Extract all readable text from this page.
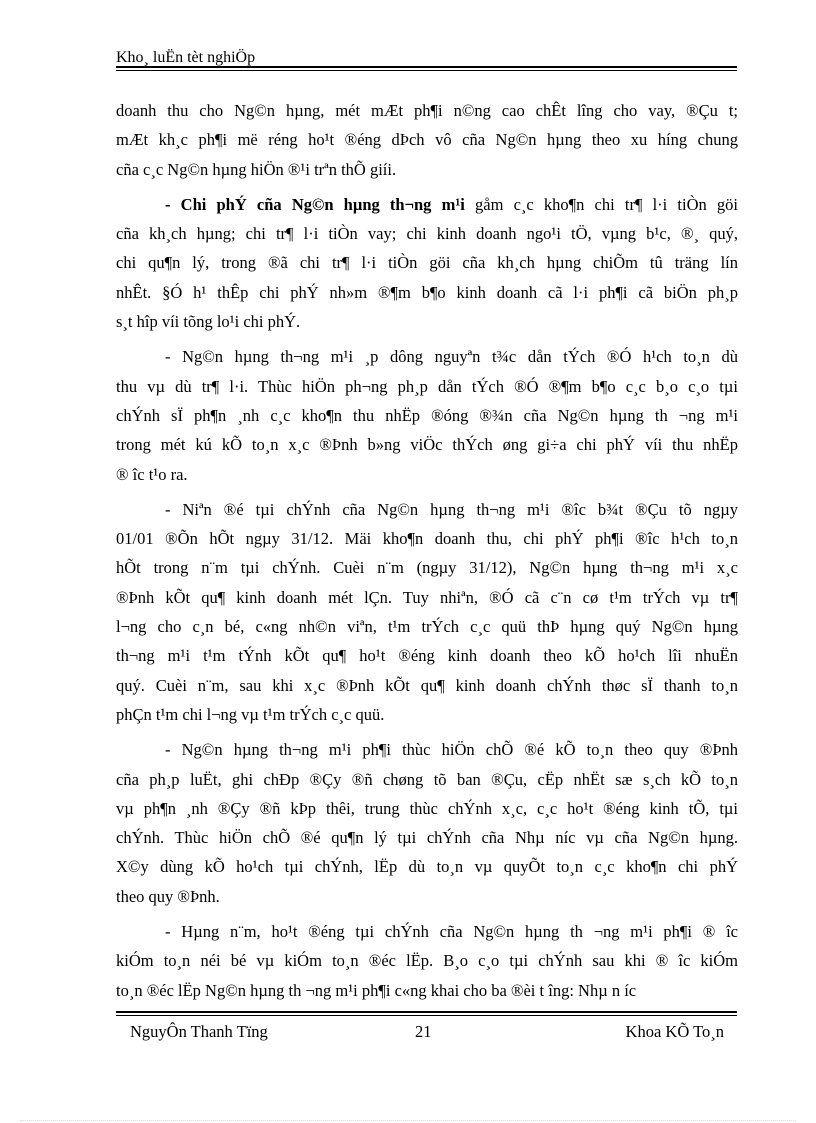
Kho¸ luËn tèt nghiÖp
doanh thu cho Ng©n hµng, mét mÆt ph¶i n©ng cao chÊt lîng cho vay, ®Çu t;
mÆt kh¸c ph¶i më réng ho¹t ®éng dÞch vô cña Ng©n hµng theo xu híng chung
cña c¸c Ng©n hµng hiÖn ®¹i trªn thÕ giíi.
- Chi phÝ cña Ng©n hµng th¬ng m¹i gåm c¸c kho¶n chi tr¶ l·i tiÒn göi
cña kh¸ch hµng; chi tr¶ l·i tiÒn vay; chi kinh doanh ngo¹i tÖ, vµng b¹c, ®¸ quý,
chi qu¶n lý, trong ®ã chi tr¶ l·i tiÒn göi cña kh¸ch hµng chiÕm tû träng lín
nhÊt. §Ó h¹ thÊp chi phÝ nh»m ®¶m b¶o kinh doanh cã l·i ph¶i cã biÖn ph¸p
s¸t hîp víi tõng lo¹i chi phÝ.
- Ng©n hµng th¬ng m¹i ¸p dông nguyªn t¾c dån tÝch ®Ó h¹ch to¸n dù
thu vµ dù tr¶ l·i. Thùc hiÖn ph¬ng ph¸p dån tÝch ®Ó ®¶m b¶o c¸c b¸o c¸o tµi
chÝnh sÏ ph¶n ¸nh c¸c kho¶n thu nhËp ®óng ®¾n cña Ng©n hµng th ¬ng m¹i
trong mét kú kÕ to¸n x¸c ®Þnh b»ng viÖc thÝch øng gi÷a chi phÝ víi thu nhËp
® îc t¹o ra.
- Niªn ®é tµi chÝnh cña Ng©n hµng th¬ng m¹i ®îc b¾t ®Çu tõ ngµy
01/01 ®Õn hÕt ngµy 31/12. Mäi kho¶n doanh thu, chi phÝ ph¶i ®îc h¹ch to¸n
hÕt trong n¨m tµi chÝnh. Cuèi n¨m (ngµy 31/12), Ng©n hµng th¬ng m¹i x¸c
®Þnh kÕt qu¶ kinh doanh mét lÇn. Tuy nhiªn, ®Ó cã c¨n cø t¹m trÝch vµ tr¶
l¬ng cho c¸n bé, c«ng nh©n viªn, t¹m trÝch c¸c quü thÞ hµng quý Ng©n hµng
th¬ng m¹i t¹m tÝnh kÕt qu¶ ho¹t ®éng kinh doanh theo kÕ ho¹ch lîi nhuËn
quý. Cuèi n¨m, sau khi x¸c ®Þnh kÕt qu¶ kinh doanh chÝnh thøc sÏ thanh to¸n
phÇn t¹m chi l¬ng vµ t¹m trÝch c¸c quü.
- Ng©n hµng th¬ng m¹i ph¶i thùc hiÖn chÕ ®é kÕ to¸n theo quy ®Þnh
cña ph¸p luËt, ghi chÐp ®Çy ®ñ chøng tõ ban ®Çu, cËp nhËt sæ s¸ch kÕ to¸n
vµ ph¶n ¸nh ®Çy ®ñ kÞp thêi, trung thùc chÝnh x¸c, c¸c ho¹t ®éng kinh tÕ, tµi
chÝnh. Thùc hiÖn chÕ ®é qu¶n lý tµi chÝnh cña Nhµ níc vµ cña Ng©n hµng.
X©y dùng kÕ ho¹ch tµi chÝnh, lËp dù to¸n vµ quyÕt to¸n c¸c kho¶n chi phÝ
theo quy ®Þnh.
- Hµng n¨m, ho¹t ®éng tµi chÝnh cña Ng©n hµng th ¬ng m¹i ph¶i ® îc
kiÓm to¸n néi bé vµ kiÓm to¸n ®éc lËp. B¸o c¸o tµi chÝnh sau khi ® îc kiÓm
to¸n ®éc lËp Ng©n hµng th ¬ng m¹i ph¶i c«ng khai cho ba ®èi t îng: Nhµ n íc
NguyÔn Thanh Tïng	21	Khoa KÕ To¸n
